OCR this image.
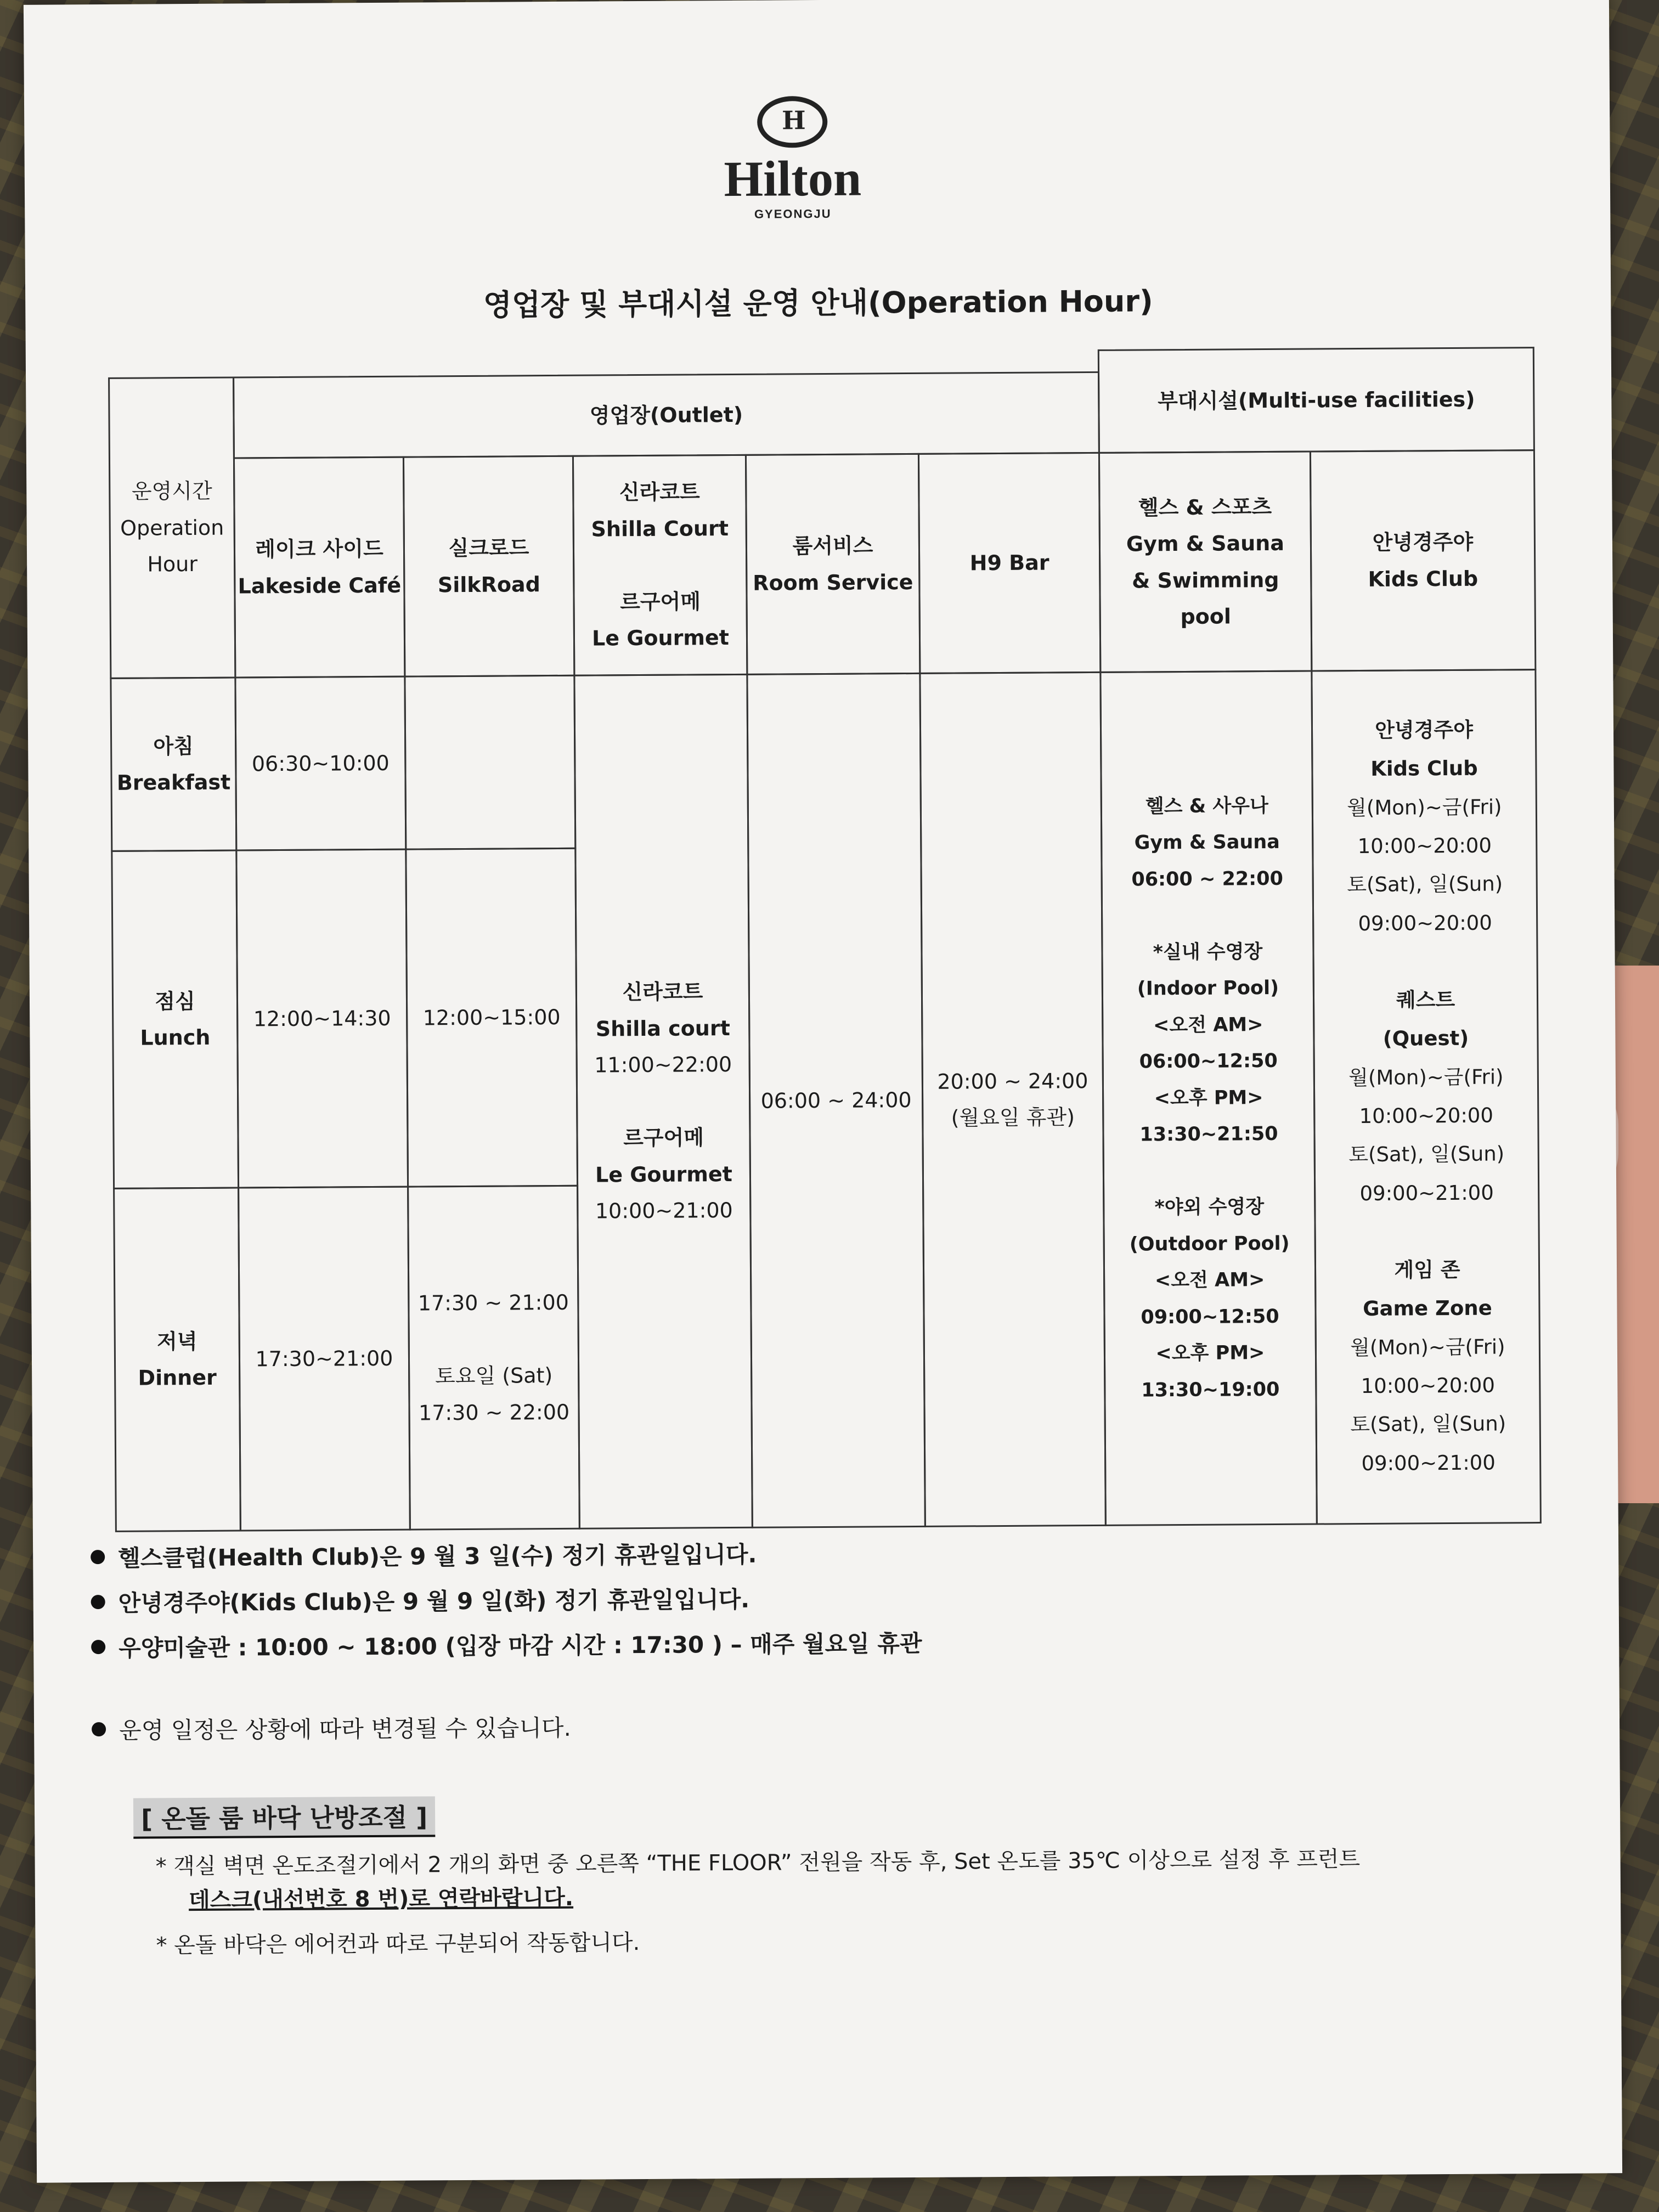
H
Hilton
GYEONGJU
영업장 및 부대시설 운영 안내(Operation Hour)
운영시간
Operation
Hour
영업장(Outlet)
부대시설(Multi-use facilities)
레이크 사이드
Lakeside Café
실크로드
SilkRoad
신라코트
Shilla Court

르구어메
Le Gourmet
룸서비스
Room Service
H9 Bar
헬스 & 스포츠
Gym & Sauna
& Swimming
pool
안녕경주야
Kids Club
아침
Breakfast
점심
Lunch
저녁
Dinner
06:30~10:00
12:00~14:30
17:30~21:00
12:00~15:00
17:30 ~ 21:00

토요일 (Sat)
17:30 ~ 22:00
신라코트
Shilla court
11:00~22:00

르구어메
Le Gourmet
10:00~21:00
06:00 ~ 24:00
20:00 ~ 24:00
(월요일 휴관)
헬스 & 사우나
Gym & Sauna
06:00 ~ 22:00

*실내 수영장
(Indoor Pool)
<오전 AM>
06:00~12:50
<오후 PM>
13:30~21:50

*야외 수영장
(Outdoor Pool)
<오전 AM>
09:00~12:50
<오후 PM>
13:30~19:00
안녕경주야
Kids Club
월(Mon)~금(Fri)
10:00~20:00
토(Sat), 일(Sun)
09:00~20:00

퀘스트
(Quest)
월(Mon)~금(Fri)
10:00~20:00
토(Sat), 일(Sun)
09:00~21:00

게임 존
Game Zone
월(Mon)~금(Fri)
10:00~20:00
토(Sat), 일(Sun)
09:00~21:00
헬스클럽(Health Club)은 9 월 3 일(수) 정기 휴관일입니다.
안녕경주야(Kids Club)은 9 월 9 일(화) 정기 휴관일입니다.
우양미술관 : 10:00 ~ 18:00 (입장 마감 시간 : 17:30 ) – 매주 월요일 휴관
운영 일정은 상황에 따라 변경될 수 있습니다.
[ 온돌 룸 바닥 난방조절 ]
* 객실 벽면 온도조절기에서 2 개의 화면 중 오른쪽 “THE FLOOR” 전원을 작동 후, Set 온도를 35℃ 이상으로 설정 후 프런트
데스크(내선번호 8 번)로 연락바랍니다.
* 온돌 바닥은 에어컨과 따로 구분되어 작동합니다.
